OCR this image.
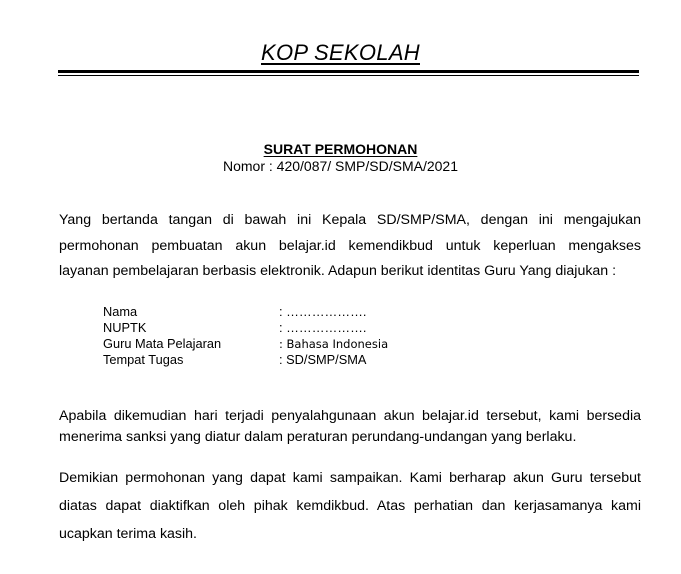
KOP SEKOLAH
SURAT PERMOHONAN
Nomor : 420/087/ SMP/SD/SMA/2021
Yang bertanda tangan di bawah ini Kepala SD/SMP/SMA, dengan ini mengajukan
permohonan pembuatan akun belajar.id kemendikbud untuk keperluan mengakses
layanan pembelajaran berbasis elektronik. Adapun berikut identitas Guru Yang diajukan :
Nama	: ……………….
NUPTK	: ……………….
Guru Mata Pelajaran	: Bahasa Indonesia
Tempat Tugas	: SD/SMP/SMA
Apabila dikemudian hari terjadi penyalahgunaan akun belajar.id tersebut, kami bersedia
menerima sanksi yang diatur dalam peraturan perundang-undangan yang berlaku.
Demikian permohonan yang dapat kami sampaikan. Kami berharap akun Guru tersebut
diatas dapat diaktifkan oleh pihak kemdikbud. Atas perhatian dan kerjasamanya kami
ucapkan terima kasih.
